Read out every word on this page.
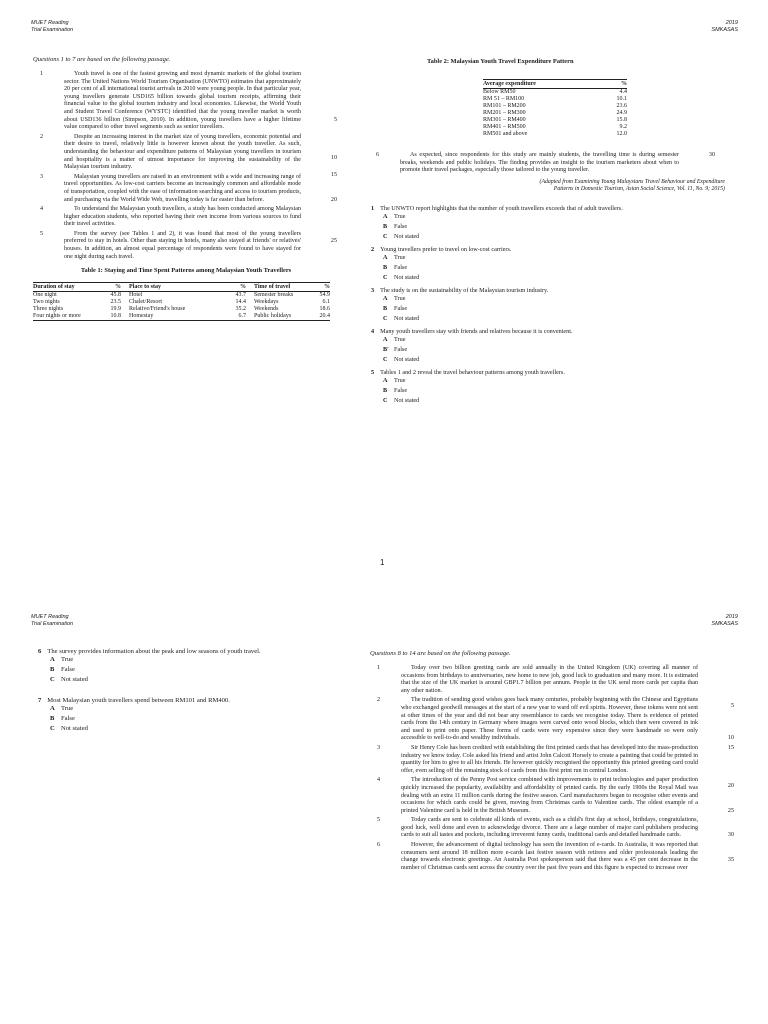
MUET Reading
Trial Examination
2019
SMKASAS
Questions 1 to 7 are based on the following passage.
1	Youth travel is one of the fastest growing and most dynamic markets of the global tourism sector. The United Nations World Tourism Organisation (UNWTO) estimates that approximately 20 per cent of all international tourist arrivals in 2010 were young people. In that particular year, young travellers generate USD165 billion towards global tourism receipts, affirming their financial value to the global tourism industry and local economies. Likewise, the World Youth and Student Travel Conference (WYSTC) identified that the young traveller market is worth about USD136 billion (Simpson, 2010). In addition, young travellers have a higher lifetime value compared to other travel segments such as senior travellers.

5
10
2	Despite an increasing interest in the market size of young travellers, economic potential and their desire to travel, relatively little is however known about the youth traveller. As such, understanding the behaviour and expenditure patterns of Malaysian young travellers in tourism and hospitality is a matter of utmost importance for improving the sustainability of the Malaysian tourism industry.

15
3	Malaysian young travellers are raised in an environment with a wide and increasing range of travel opportunities. As low-cost carriers become an increasingly common and affordable mode of transportation, coupled with the ease of information searching and access to tourism products, and purchasing via the World Wide Web, travelling today is far easier than before.	20
4	To understand the Malaysian youth travellers, a study has been conducted among Malaysian higher education students, who reported having their own income from various sources to fund their travel activities.

5	From the survey (see Tables 1 and 2), it was found that most of the young travellers preferred to stay in hotels. Other than staying in hotels, many also stayed at friends' or relatives' houses. In addition, an almost equal percentage of respondents were found to have stayed for one night during each travel.

25
Table 1: Staying and Time Spent Patterns among Malaysian Youth Travellers
Duration of stay	%	Place to stay	%	Time of travel	%
One night	45.8	Hotel	43.7	Semester breaks	54.9
Two nights	23.5	Chalet/Resort	14.4	Weekdays	6.1
Three nights	19.9	Relative/Friend's house	35.2	Weekends	18.6
Four nights or more	10.8	Homestay	6.7	Public holidays	20.4
Table 2: Malaysian Youth Travel Expenditure Pattern
Average expenditure	%
Below RM50	4.4
RM 51 – RM100	10.1
RM101 – RM200	23.6
RM201 – RM300	24.9
RM301 – RM400	15.8
RM401 – RM500	9.2
RM501 and above	12.0
6	As expected, since respondents for this study are mainly students, the travelling time is during semester breaks, weekends and public holidays. The finding provides an insight to the tourism marketers about when to promote their travel packages, especially those tailored to the young traveller.

30
(Adapted from Examining Young Malaysians Travel Behaviour and Expenditure
Patterns in Domestic Tourism, Asian Social Science, Vol. 11, No. 9; 2015)
1 The UNWTO report highlights that the number of youth travellers exceeds that of adult travellers.
A True
B False
C Not stated
2 Young travellers prefer to travel on low-cost carriers.
A True
B False
C Not stated
3 The study is on the sustainability of the Malaysian tourism industry.
A True
B False
C Not stated
4 Many youth travellers stay with friends and relatives because it is convenient.
A True
Bʹ False
C Not stated
5 Tables 1 and 2 reveal the travel behaviour patterns among youth travellers.
A True
B False
C Not stated
1
MUET Reading
Trial Examination
2019
SMKASAS
6 The survey provides information about the peak and low seasons of youth travel.
A True
B False
C Not stated
7 Most Malaysian youth travellers spend between RM101 and RM400.
A True
B False
C Not stated
Questions 8 to 14 are based on the following passage.
1	Today over two billion greeting cards are sold annually in the United Kingdom (UK) covering all manner of occasions from birthdays to anniversaries, new home to new job, good luck to graduation and many more. It is estimated that the size of the UK market is around GBP1.7 billion per annum. People in the UK send more cards per capita than any other nation.

5
2	The tradition of sending good wishes goes back many centuries, probably beginning with the Chinese and Egyptians who exchanged goodwill messages at the start of a new year to ward off evil spirits. However, these tokens were not sent at other times of the year and did not bear any resemblance to cards we recognise today. There is evidence of printed cards from the 14th century in Germany where images were carved onto wood blocks, which then were covered in ink and used to print onto paper. These forms of cards were very expensive since they were handmade so were only accessible to well-to-do and wealthy individuals.	10
3	Sir Henry Cole has been credited with establishing the first printed cards that has developed into the mass-production industry we know today. Cole asked his friend and artist John Calcott Horsely to create a painting that could be printed in quantity for him to give to all his friends. He however quickly recognised the opportunity this printed greeting card could offer, even selling off the remaining stock of cards from this first print run in central London.

15
20
4	The introduction of the Penny Post service combined with improvements to print technologies and paper production quickly increased the popularity, availability and affordability of printed cards. By the early 1900s the Royal Mail was dealing with an extra 11 million cards during the festive season. Card manufacturers began to recognise other events and occasions for which cards could be given, moving from Christmas cards to Valentine cards. The oldest example of a printed Valentine card is held in the British Museum.	25
5	Today cards are sent to celebrate all kinds of events, such as a child's first day at school, birthdays, congratulations, good luck, well done and even to acknowledge divorce. There are a large number of major card publishers producing cards to suit all tastes and pockets, including irreverent funny cards, traditional cards and detailed handmade cards.	30
6	However, the advancement of digital technology has seen the invention of e-cards. In Australia, it was reported that consumers sent around 18 million more e-cards last festive season with retirees and older professionals leading the change towards electronic greetings. An Australia Post spokesperson said that there was a 45 per cent decrease in the number of Christmas cards sent across the country over the past five years and this figure is expected to increase over

35
